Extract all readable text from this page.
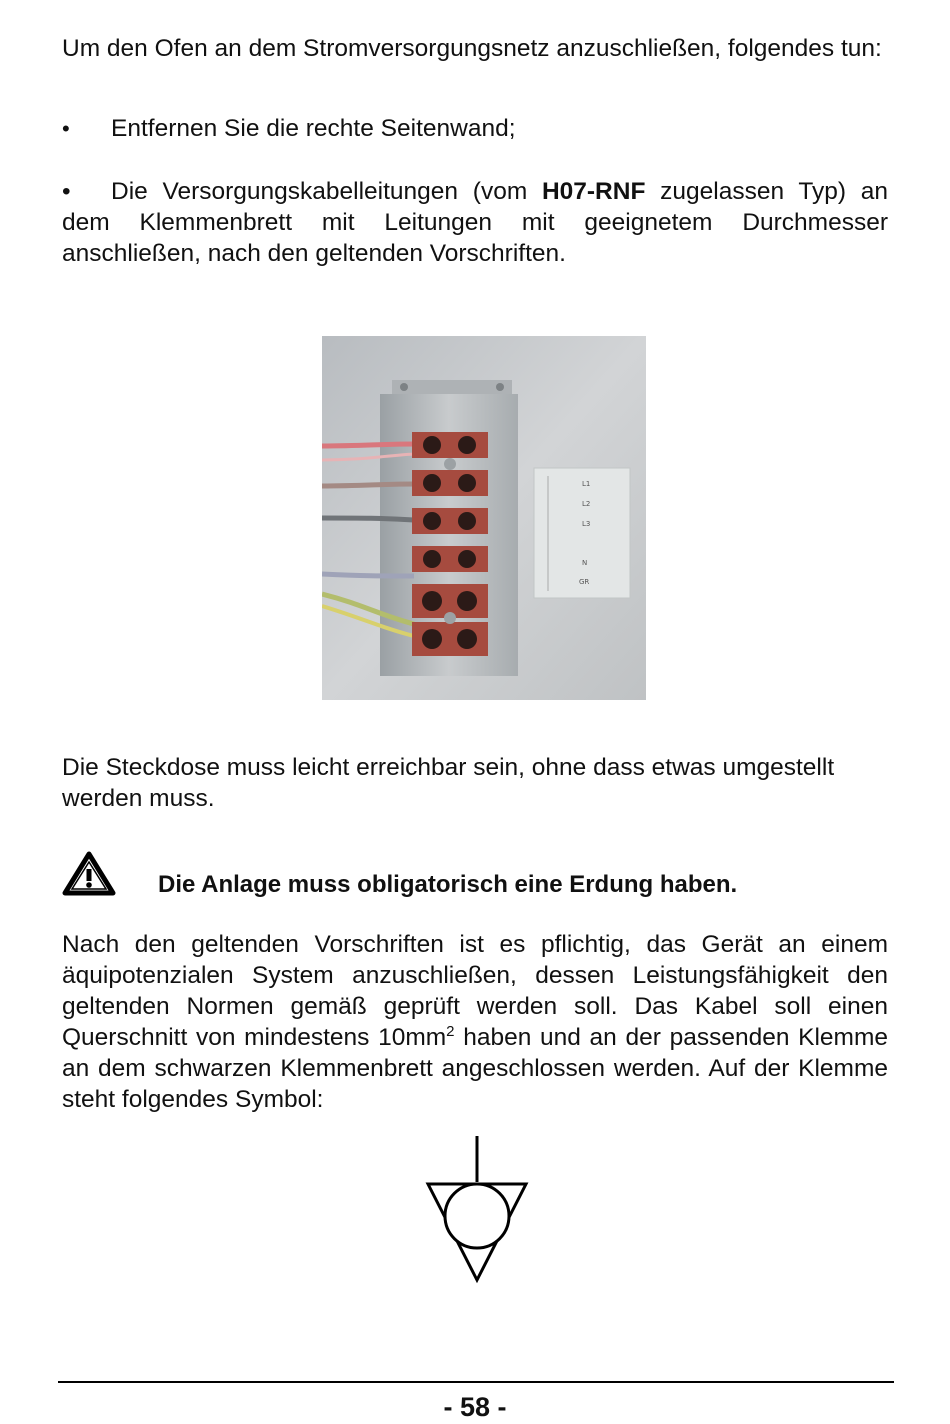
Um den Ofen an dem Stromversorgungsnetz anzuschließen, folgendes tun:

• Entfernen Sie die rechte Seitenwand;

• Die Versorgungskabelleitungen (vom H07-RNF zugelassen Typ) an dem Klemmenbrett mit Leitungen mit geeignetem Durchmesser anschließen, nach den geltenden Vorschriften.

L1
L2
L3
N
GR

Die Steckdose muss leicht erreichbar sein, ohne dass etwas umgestellt werden muss.

Die Anlage muss obligatorisch eine Erdung haben.

Nach den geltenden Vorschriften ist es pflichtig, das Gerät an einem äquipotenzialen System anzuschließen, dessen Leistungsfähigkeit den geltenden Normen gemäß geprüft werden soll. Das Kabel soll einen Querschnitt von mindestens $10mm^2$ haben und an der passenden Klemme an dem schwarzen Klemmenbrett angeschlossen werden. Auf der Klemme steht folgendes Symbol:

- 58 -
